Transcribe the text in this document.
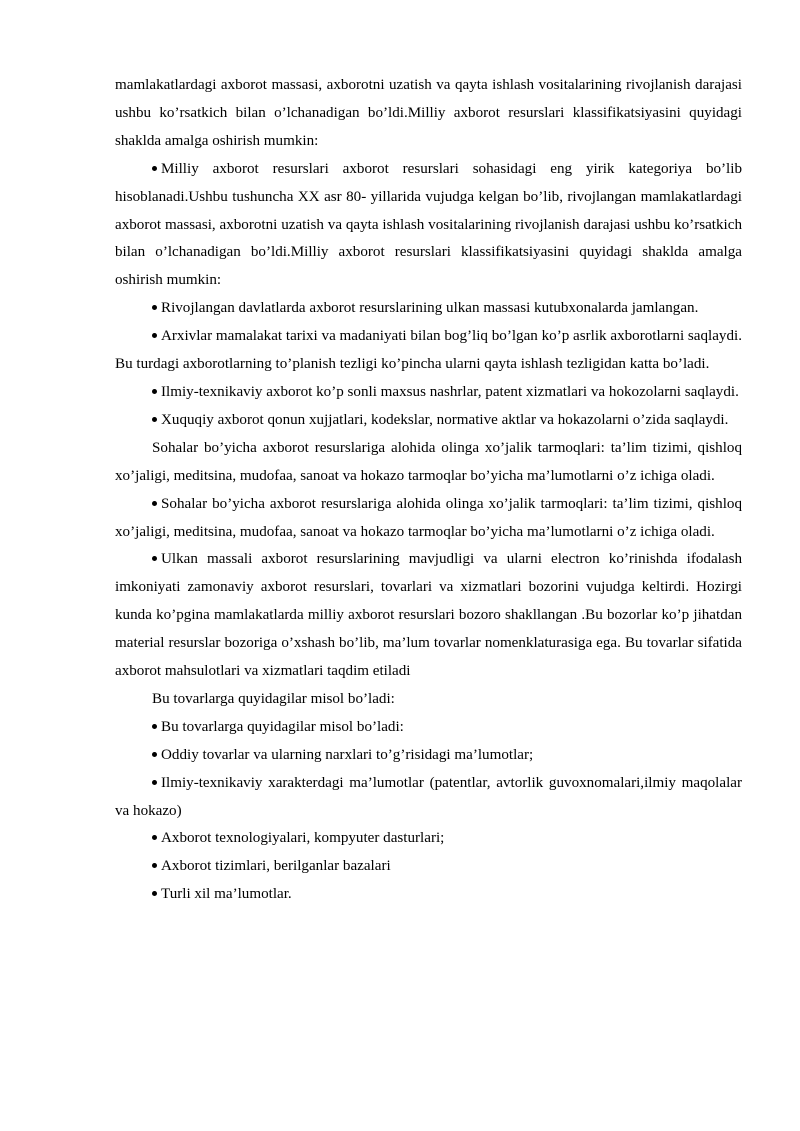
mamlakatlardagi axborot massasi, axborotni uzatish va qayta ishlash vositalarining rivojlanish darajasi ushbu ko’rsatkich bilan o’lchanadigan bo’ldi.Milliy axborot resurslari klassifikatsiyasini quyidagi shaklda amalga oshirish mumkin:

Milliy axborot resurslari axborot resurslari sohasidagi eng yirik kategoriya bo’lib hisoblanadi.Ushbu tushuncha XX asr 80- yillarida vujudga kelgan bo’lib, rivojlangan mamlakatlardagi axborot massasi, axborotni uzatish va qayta ishlash vositalarining rivojlanish darajasi ushbu ko’rsatkich bilan o’lchanadigan bo’ldi.Milliy axborot resurslari klassifikatsiyasini quyidagi shaklda amalga oshirish mumkin:

Rivojlangan davlatlarda axborot resurslarining ulkan massasi kutubxonalarda jamlangan.

Arxivlar mamalakat tarixi va madaniyati bilan bog’liq bo’lgan ko’p asrlik axborotlarni saqlaydi. Bu turdagi axborotlarning to’planish tezligi ko’pincha ularni qayta ishlash tezligidan katta bo’ladi.

Ilmiy-texnikaviy axborot ko’p sonli maxsus nashrlar, patent xizmatlari va hokozolarni saqlaydi.

Xuquqiy axborot qonun xujjatlari, kodekslar, normative aktlar va hokazolarni o’zida saqlaydi.

Sohalar bo’yicha axborot resurslariga alohida olinga xo’jalik tarmoqlari: ta’lim tizimi, qishloq xo’jaligi, meditsina, mudofaa, sanoat va hokazo tarmoqlar bo’yicha ma’lumotlarni o’z ichiga oladi.

Sohalar bo’yicha axborot resurslariga alohida olinga xo’jalik tarmoqlari: ta’lim tizimi, qishloq xo’jaligi, meditsina, mudofaa, sanoat va hokazo tarmoqlar bo’yicha ma’lumotlarni o’z ichiga oladi.

Ulkan massali axborot resurslarining mavjudligi va ularni electron ko’rinishda ifodalash imkoniyati zamonaviy axborot resurslari, tovarlari va xizmatlari bozorini vujudga keltirdi. Hozirgi kunda ko’pgina mamlakatlarda milliy axborot resurslari bozoro shakllangan .Bu bozorlar ko’p jihatdan material resurslar bozoriga o’xshash bo’lib, ma’lum tovarlar nomenklaturasiga ega. Bu tovarlar sifatida axborot mahsulotlari va xizmatlari taqdim etiladi

Bu tovarlarga quyidagilar misol bo’ladi:

Bu tovarlarga quyidagilar misol bo’ladi:

Oddiy tovarlar va ularning narxlari to’g’risidagi ma’lumotlar;

Ilmiy-texnikaviy xarakterdagi ma’lumotlar (patentlar, avtorlik guvoxnomalari,ilmiy maqolalar va hokazo)

Axborot texnologiyalari, kompyuter dasturlari;

Axborot tizimlari, berilganlar bazalari

Turli xil ma’lumotlar.
